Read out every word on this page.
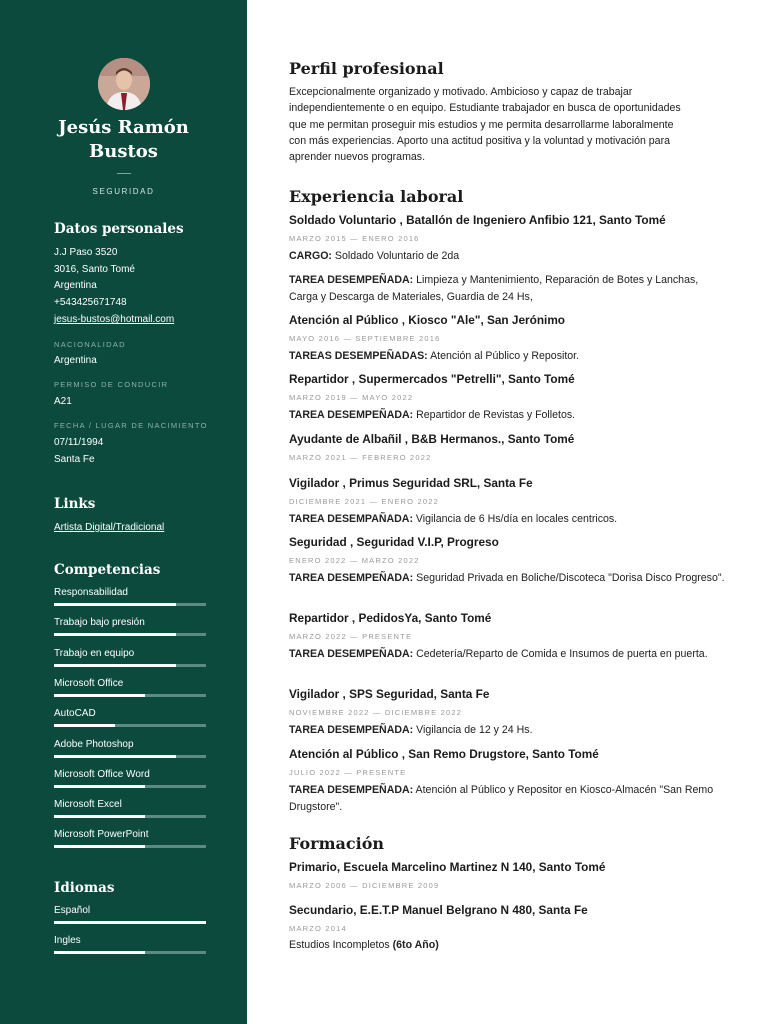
Jesús Ramón
Bustos
SEGURIDAD
Datos personales
J.J Paso 3520
3016, Santo Tomé
Argentina
+543425671748
jesus-bustos@hotmail.com
NACIONALIDAD
Argentina
PERMISO DE CONDUCIR
A21
FECHA / LUGAR DE NACIMIENTO
07/11/1994
Santa Fe
Links
Artista Digital/Tradicional
Competencias
Responsabilidad
Trabajo bajo presión
Trabajo en equipo
Microsoft Office
AutoCAD
Adobe Photoshop
Microsoft Office Word
Microsoft Excel
Microsoft PowerPoint
Idiomas
Español
Ingles
Perfil profesional
Excepcionalmente organizado y motivado. Ambicioso y capaz de trabajar
independientemente o en equipo. Estudiante trabajador en busca de oportunidades
que me permitan proseguir mis estudios y me permita desarrollarme laboralmente
con más experiencias. Aporto una actitud positiva y la voluntad y motivación para
aprender nuevos programas.
Experiencia laboral
Soldado Voluntario , Batallón de Ingeniero Anfibio 121, Santo Tomé
MARZO 2015 — ENERO 2016
CARGO: Soldado Voluntario de 2da
TAREA DESEMPEÑADA: Limpieza y Mantenimiento, Reparación de Botes y Lanchas, Carga y Descarga de Materiales, Guardia de 24 Hs,
Atención al Público , Kiosco "Ale", San Jerónimo
MAYO 2016 — SEPTIEMBRE 2016
TAREAS DESEMPEÑADAS: Atención al Público y Repositor.
Repartidor , Supermercados "Petrelli", Santo Tomé
MARZO 2019 — MAYO 2022
TAREA DESEMPEÑADA: Repartidor de Revistas y Folletos.
Ayudante de Albañil , B&B Hermanos., Santo Tomé
MARZO 2021 — FEBRERO 2022
Vigilador , Primus Seguridad SRL, Santa Fe
DICIEMBRE 2021 — ENERO 2022
TAREA DESEMPAÑADA: Vigilancia de 6 Hs/día en locales centricos.
Seguridad , Seguridad V.I.P, Progreso
ENERO 2022 — MARZO 2022
TAREA DESEMPEÑADA: Seguridad Privada en Boliche/Discoteca "Dorisa Disco Progreso".
Repartidor , PedidosYa, Santo Tomé
MARZO 2022 — PRESENTE
TAREA DESEMPEÑADA: Cedetería/Reparto de Comida e Insumos de puerta en puerta.
Vigilador , SPS Seguridad, Santa Fe
NOVIEMBRE 2022 — DICIEMBRE 2022
TAREA DESEMPEÑADA: Vigilancia de 12 y 24 Hs.
Atención al Público , San Remo Drugstore, Santo Tomé
JULIO 2022 — PRESENTE
TAREA DESEMPEÑADA: Atención al Público y Repositor en Kiosco-Almacén "San Remo Drugstore".
Formación
Primario, Escuela Marcelino Martinez N 140, Santo Tomé
MARZO 2006 — DICIEMBRE 2009
Secundario, E.E.T.P Manuel Belgrano N 480, Santa Fe
MARZO 2014
Estudios Incompletos (6to Año)
